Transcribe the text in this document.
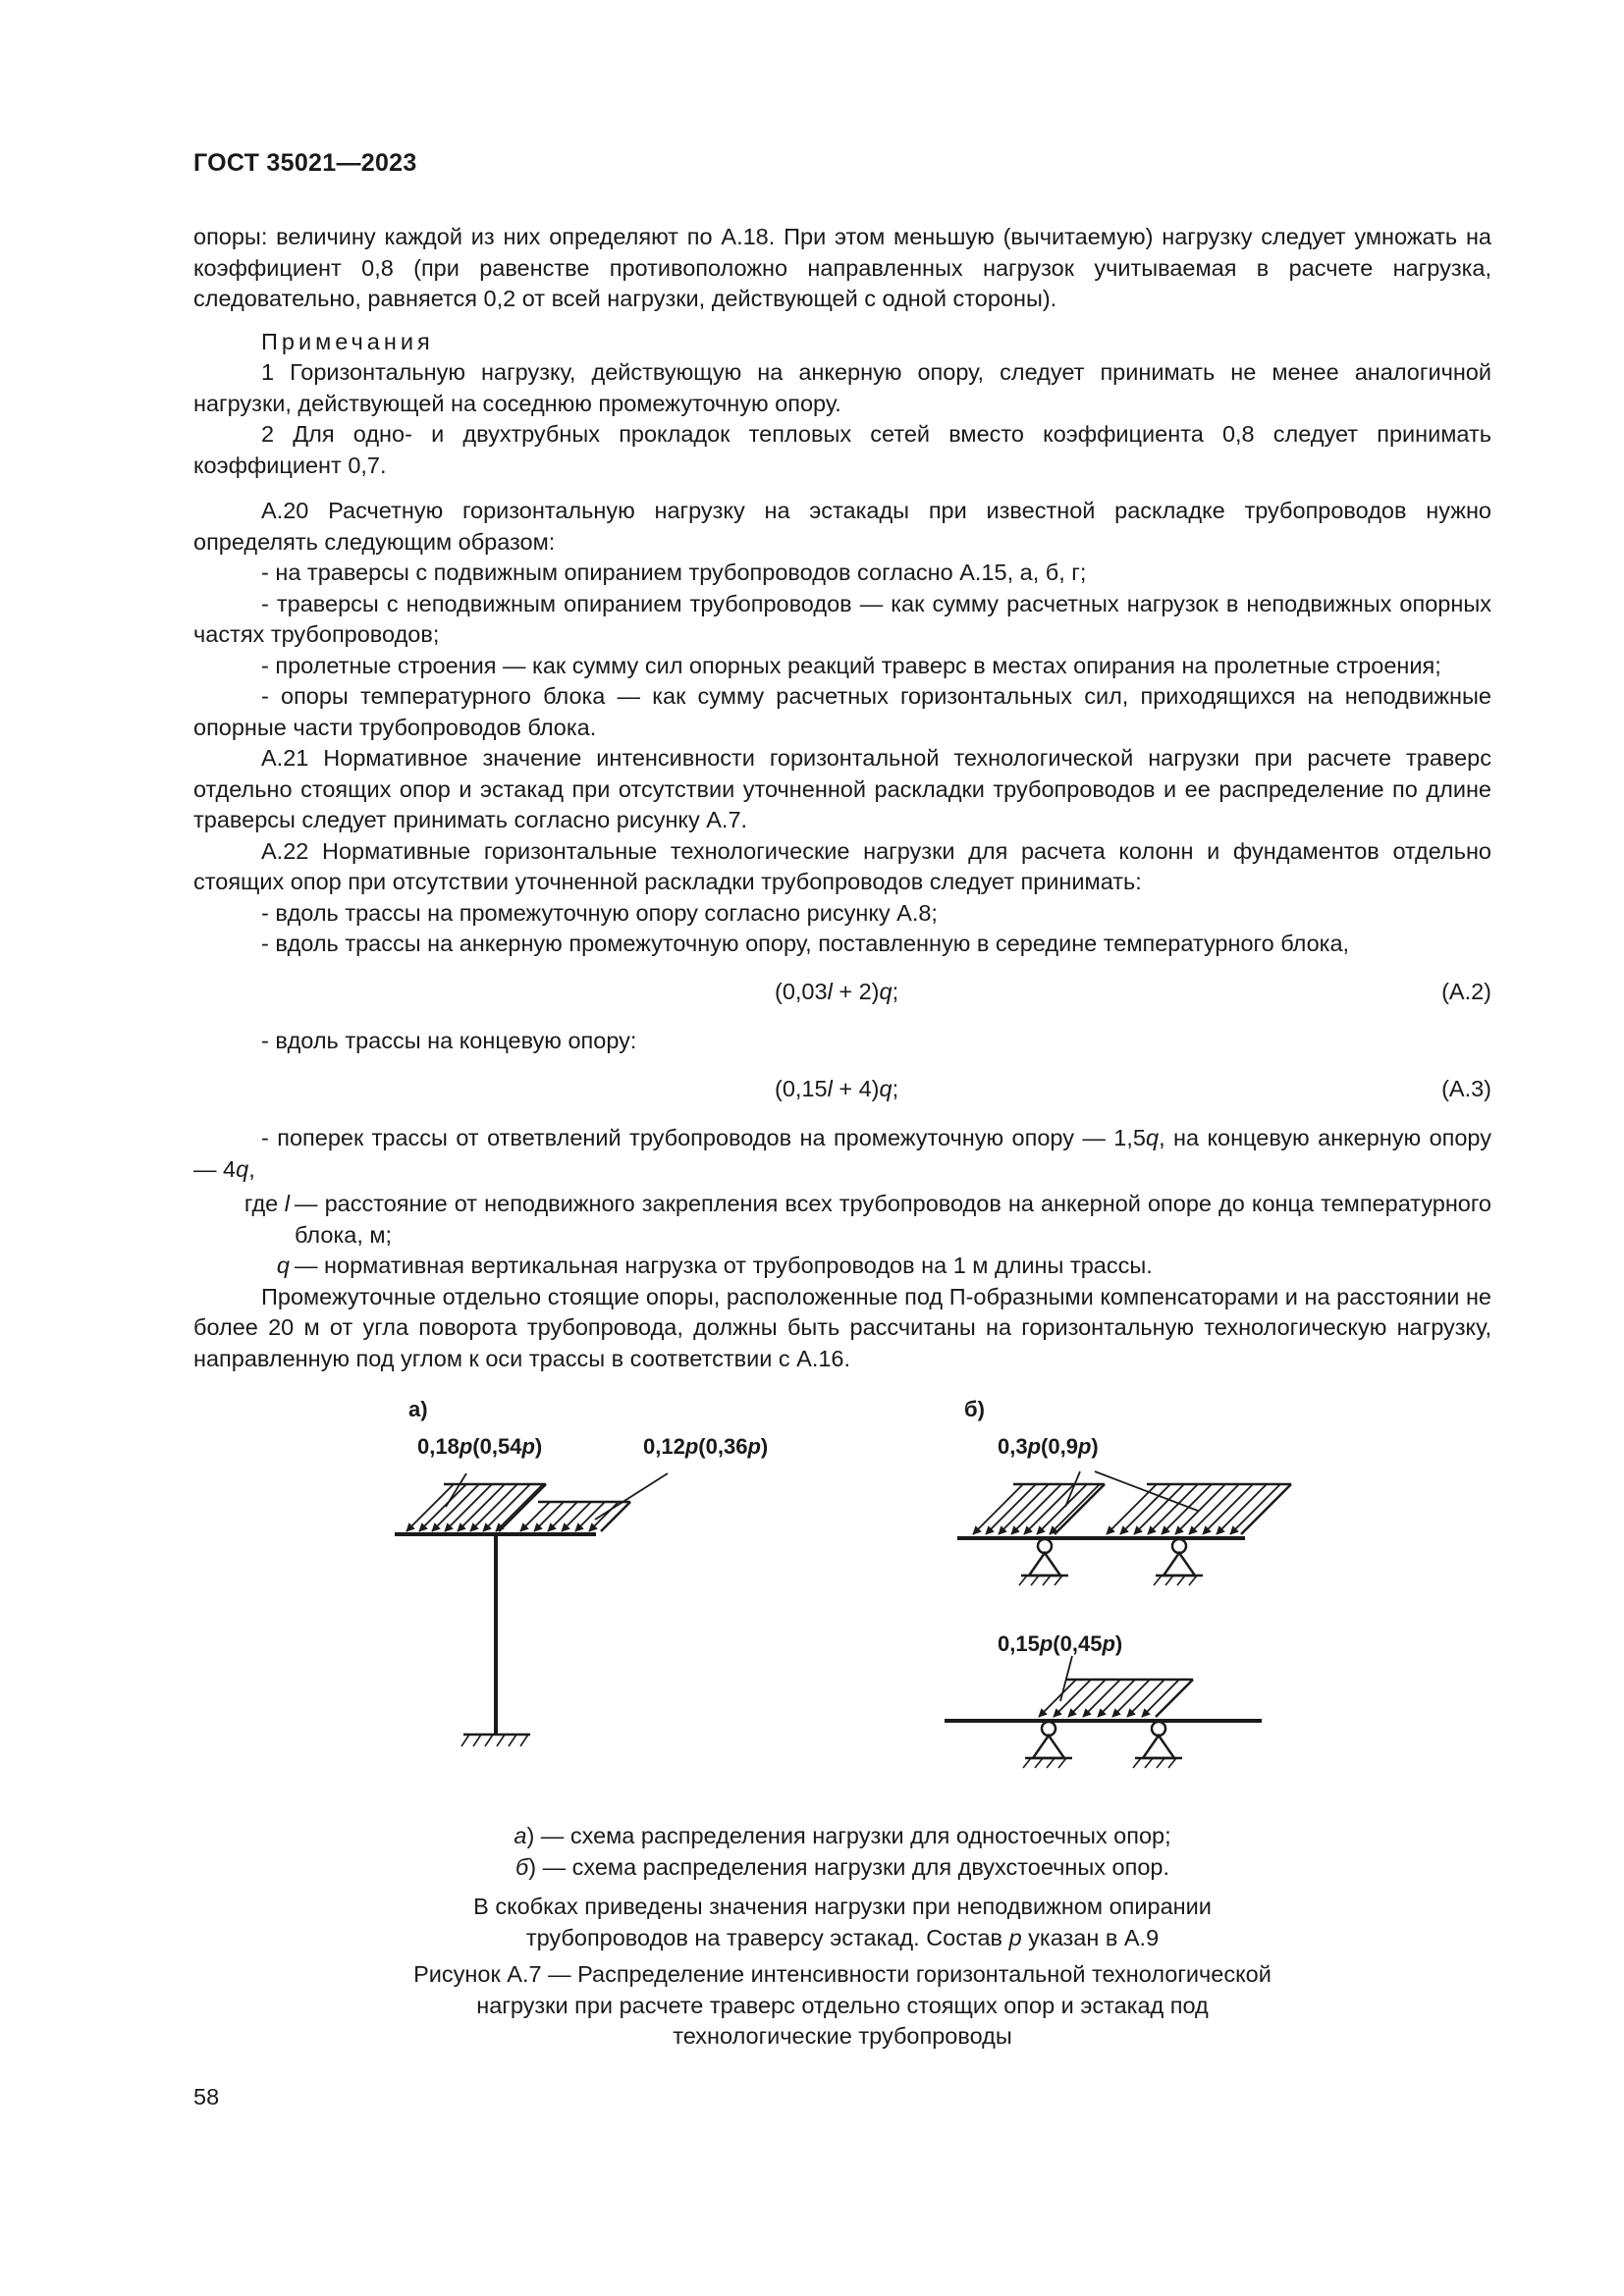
ГОСТ 35021—2023

опоры: величину каждой из них определяют по А.18. При этом меньшую (вычитаемую) нагрузку следует умножать на коэффициент 0,8 (при равенстве противоположно направленных нагрузок учитываемая в расчете нагрузка, следовательно, равняется 0,2 от всей нагрузки, действующей с одной стороны).

Примечания

1 Горизонтальную нагрузку, действующую на анкерную опору, следует принимать не менее аналогичной нагрузки, действующей на соседнюю промежуточную опору.

2 Для одно- и двухтрубных прокладок тепловых сетей вместо коэффициента 0,8 следует принимать коэффициент 0,7.

А.20 Расчетную горизонтальную нагрузку на эстакады при известной раскладке трубопроводов нужно определять следующим образом:

- на траверсы с подвижным опиранием трубопроводов согласно А.15, а, б, г;

- траверсы с неподвижным опиранием трубопроводов — как сумму расчетных нагрузок в неподвижных опорных частях трубопроводов;

- пролетные строения — как сумму сил опорных реакций траверс в местах опирания на пролетные строения;

- опоры температурного блока — как сумму расчетных горизонтальных сил, приходящихся на неподвижные опорные части трубопроводов блока.

А.21 Нормативное значение интенсивности горизонтальной технологической нагрузки при расчете траверс отдельно стоящих опор и эстакад при отсутствии уточненной раскладки трубопроводов и ее распределение по длине траверсы следует принимать согласно рисунку А.7.

А.22 Нормативные горизонтальные технологические нагрузки для расчета колонн и фундаментов отдельно стоящих опор при отсутствии уточненной раскладки трубопроводов следует принимать:

- вдоль трассы на промежуточную опору согласно рисунку А.8;

- вдоль трассы на анкерную промежуточную опору, поставленную в середине температурного блока,

(0,03l + 2)q;	(А.2)

- вдоль трассы на концевую опору:

(0,15l + 4)q;	(А.3)

- поперек трассы от ответвлений трубопроводов на промежуточную опору — 1,5q, на концевую анкерную опору — 4q,

где l — расстояние от неподвижного закрепления всех трубопроводов на анкерной опоре до конца температурного блока, м;
q — нормативная вертикальная нагрузка от трубопроводов на 1 м длины трассы.

Промежуточные отдельно стоящие опоры, расположенные под П-образными компенсаторами и на расстоянии не более 20 м от угла поворота трубопровода, должны быть рассчитаны на горизонтальную технологическую нагрузку, направленную под углом к оси трассы в соответствии с А.16.

а)	б)
0,18p(0,54p)	0,12p(0,36p)	0,3p(0,9p)
0,15p(0,45p)
а) — схема распределения нагрузки для одностоечных опор;
б) — схема распределения нагрузки для двухстоечных опор.
В скобках приведены значения нагрузки при неподвижном опирании
трубопроводов на траверсу эстакад. Состав p указан в А.9
Рисунок А.7 — Распределение интенсивности горизонтальной технологической
нагрузки при расчете траверс отдельно стоящих опор и эстакад под
технологические трубопроводы
58
